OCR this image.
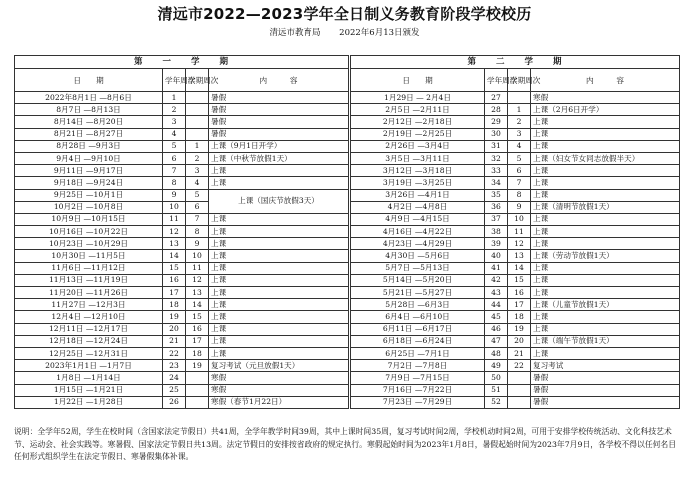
清远市2022—2023学年全日制义务教育阶段学校校历
清远市教育局 2022年6月13日颁发
第　　一　　学　　期			
日　　期	学年周次	学期周次	内　　　容
2022年8月1日 —8月6日	1		暑假
8月7日 —8月13日	2		暑假
8月14日 —8月20日	3		暑假
8月21日 —8月27日	4		暑假
8月28日 —9月3日	5	1	上课（9月1日开学）
9月4日 —9月10日	6	2	上课（中秋节放假1天）
9月11日 —9月17日	7	3	上课
9月18日 —9月24日	8	4	上课
9月25日 —10月1日	9	5	上课（国庆节放假3天）
10月2日 —10月8日	10	6	
10月9日 —10月15日	11	7	上课
10月16日 —10月22日	12	8	上课
10月23日 —10月29日	13	9	上课
10月30日 —11月5日	14	10	上课
11月6日 —11月12日	15	11	上课
11月13日 —11月19日	16	12	上课
11月20日 —11月26日	17	13	上课
11月27日 —12月3日	18	14	上课
12月4日 —12月10日	19	15	上课
12月11日 —12月17日	20	16	上课
12月18日 —12月24日	21	17	上课
12月25日 —12月31日	22	18	上课
2023年1月1日 —1月7日	23	19	复习考试（元旦放假1天）
1月8日 —1月14日	24		寒假
1月15日 —1月21日	25		寒假
1月22日 —1月28日	26		寒假（春节1月22日）
第　　二　　学　　期			
日　　期	学年周次	学期周次	内　　　容
1月29日 — 2月4日	27		寒假
2月5日 —2月11日	28	1	上课（2月6日开学）
2月12日 —2月18日	29	2	上课
2月19日 —2月25日	30	3	上课
2月26日 —3月4日	31	4	上课
3月5日 —3月11日	32	5	上课（妇女节女同志放假半天）
3月12日 —3月18日	33	6	上课
3月19日 —3月25日	34	7	上课
3月26日 —4月1日	35	8	上课
4月2日 —4月8日	36	9	上课（清明节放假1天）
4月9日 —4月15日	37	10	上课
4月16日 —4月22日	38	11	上课
4月23日 —4月29日	39	12	上课
4月30日 —5月6日	40	13	上课（劳动节放假1天）
5月7日 —5月13日	41	14	上课
5月14日 —5月20日	42	15	上课
5月21日 —5月27日	43	16	上课
5月28日 —6月3日	44	17	上课（儿童节放假1天）
6月4日 —6月10日	45	18	上课
6月11日 —6月17日	46	19	上课
6月18日 —6月24日	47	20	上课（端午节放假1天）
6月25日 —7月1日	48	21	上课
7月2日 —7月8日	49	22	复习考试
7月9日 —7月15日	50		暑假
7月16日 —7月22日	51		暑假
7月23日 —7月29日	52		暑假
说明：全学年52周，学生在校时间（含国家法定节假日）共41周，全学年教学时间39周，其中上课时间35周，复习考试时间2周，学校机动时间2周，可用于安排学校传统活动、文化科技艺术节、运动会、社会实践等。寒暑假、国家法定节假日共13周。法定节假日的安排按省政府的规定执行。寒假起始时间为2023年1月8日，暑假起始时间为2023年7月9日，各学校不得以任何名目任何形式组织学生在法定节假日、寒暑假集体补课。
